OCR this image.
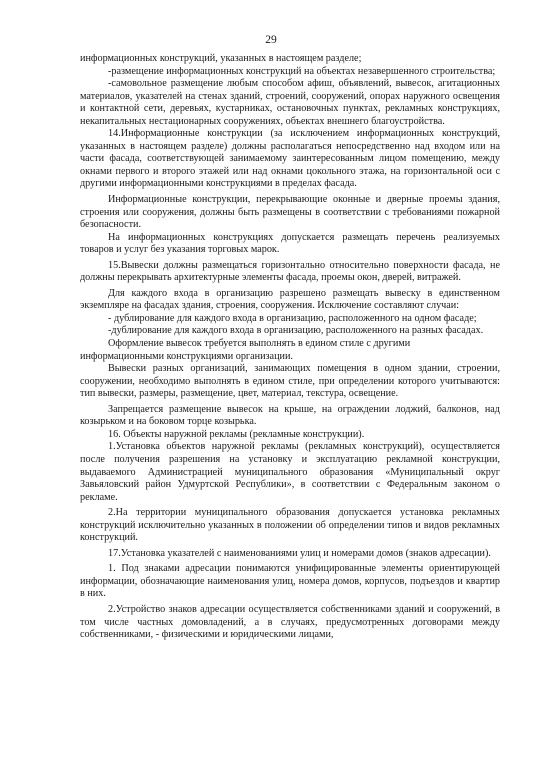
29

информационных конструкций, указанных в настоящем разделе;

-размещение информационных конструкций на объектах незавершенного строительства;

-самовольное размещение любым способом афиш, объявлений, вывесок, агитационных материалов, указателей на стенах зданий, строений, сооружений, опорах наружного освещения и контактной сети, деревьях, кустарниках, остановочных пунктах, рекламных конструкциях, некапитальных нестационарных сооружениях, объектах внешнего благоустройства.

14.Информационные конструкции (за исключением информационных конструкций, указанных в настоящем разделе) должны располагаться непосредственно над входом или на части фасада, соответствующей занимаемому заинтересованным лицом помещению, между окнами первого и второго этажей или над окнами цокольного этажа, на горизонтальной оси с другими информационными конструкциями в пределах фасада.

Информационные конструкции, перекрывающие оконные и дверные проемы здания, строения или сооружения, должны быть размещены в соответствии с требованиями пожарной безопасности.

На информационных конструкциях допускается размещать перечень реализуемых товаров и услуг без указания торговых марок.

15.Вывески должны размещаться горизонтально относительно поверхности фасада, не должны перекрывать архитектурные элементы фасада, проемы окон, дверей, витражей.

Для каждого входа в организацию разрешено размещать вывеску в единственном экземпляре на фасадах здания, строения, сооружения. Исключение составляют случаи:

- дублирование для каждого входа в организацию, расположенного на одном фасаде;

-дублирование для каждого входа в организацию, расположенного на разных фасадах.

Оформление вывесок требуется выполнять в едином стиле с другими

информационными конструкциями организации.

Вывески разных организаций, занимающих помещения в одном здании, строении, сооружении, необходимо выполнять в едином стиле, при определении которого учитываются: тип вывески, размеры, размещение, цвет, материал, текстура, освещение.

Запрещается размещение вывесок на крыше, на ограждении лоджий, балконов, над козырьком и на боковом торце козырька.

16. Объекты наружной рекламы (рекламные конструкции).

1.Установка объектов наружной рекламы (рекламных конструкций), осуществляется после получения разрешения на установку и эксплуатацию рекламной конструкции, выдаваемого Администрацией муниципального образования «Муниципальный округ Завьяловский район Удмуртской Республики», в соответствии с Федеральным законом о рекламе.

2.На территории муниципального образования допускается установка рекламных конструкций исключительно указанных в положении об определении типов и видов рекламных конструкций.

17.Установка указателей с наименованиями улиц и номерами домов (знаков адресации).

1. Под знаками адресации понимаются унифицированные элементы ориентирующей информации, обозначающие наименования улиц, номера домов, корпусов, подъездов и квартир в них.

2.Устройство знаков адресации осуществляется собственниками зданий и сооружений, в том числе частных домовладений, а в случаях, предусмотренных договорами между собственниками, - физическими и юридическими лицами,
